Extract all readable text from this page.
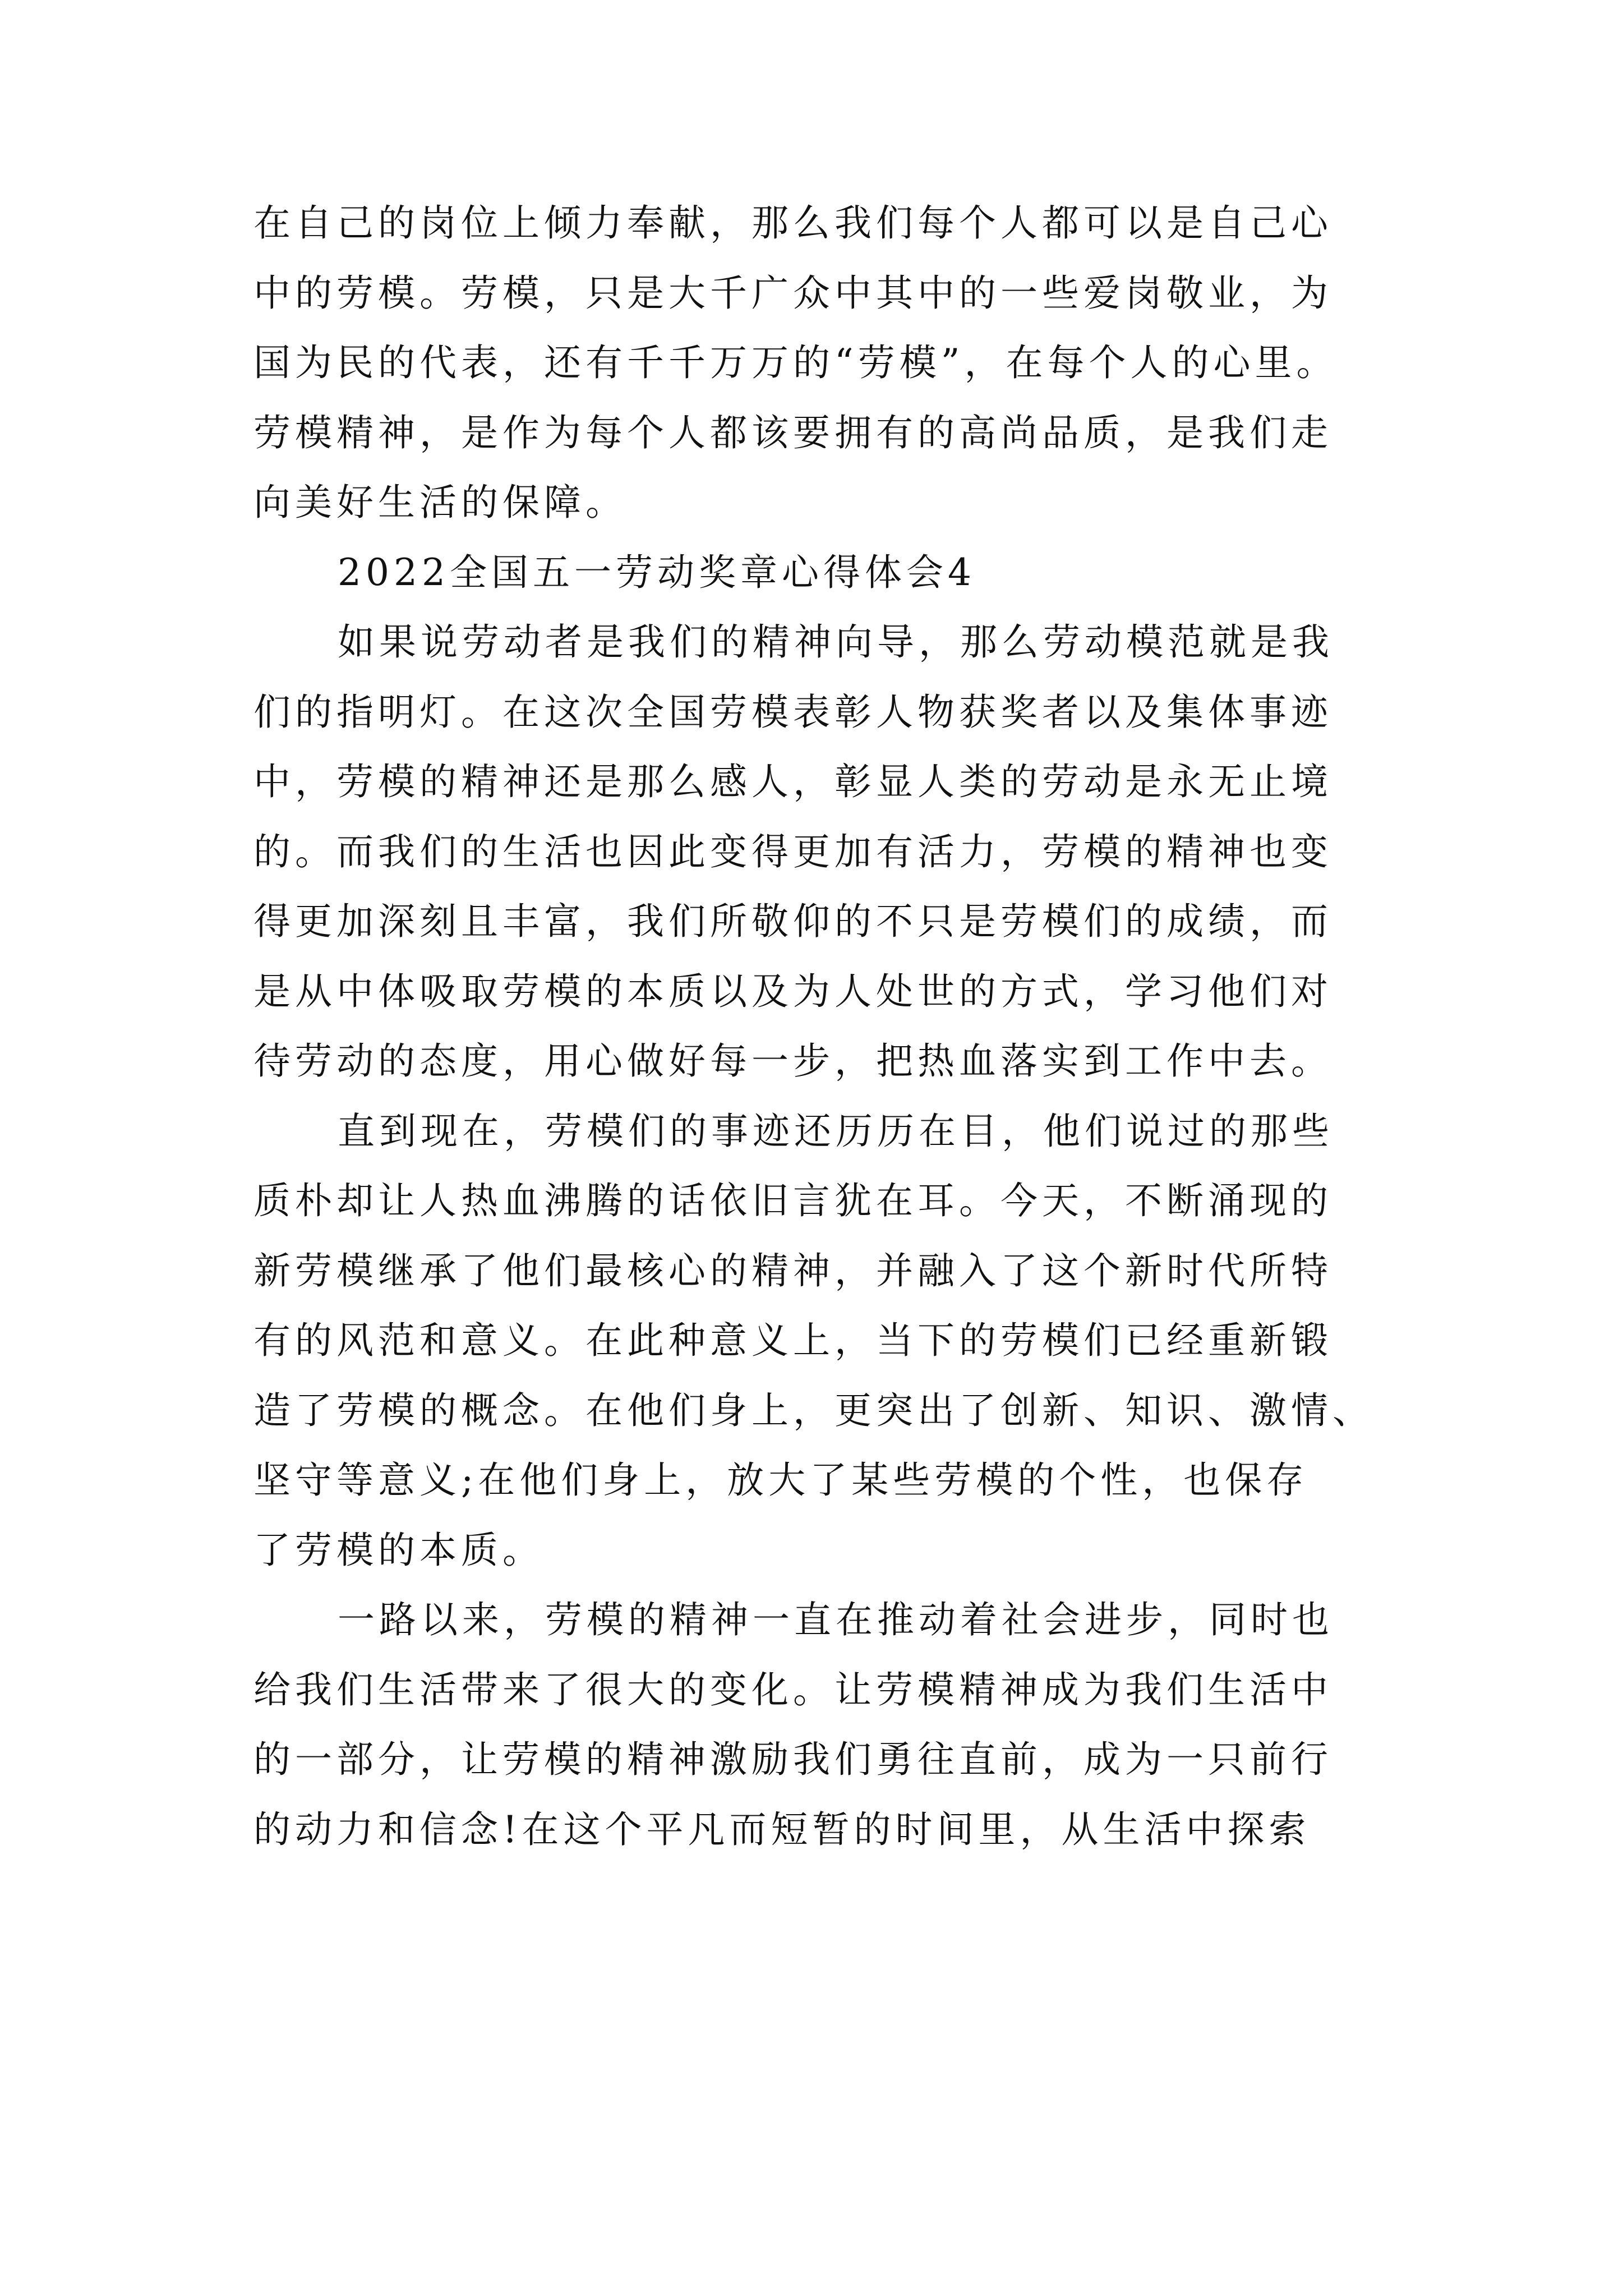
在自己的岗位上倾力奉献，那么我们每个人都可以是自己心
中的劳模。劳模，只是大千广众中其中的一些爱岗敬业，为
国为民的代表，还有千千万万的“劳模”，在每个人的心里。
劳模精神，是作为每个人都该要拥有的高尚品质，是我们走
向美好生活的保障。
2022全国五一劳动奖章心得体会4
如果说劳动者是我们的精神向导，那么劳动模范就是我
们的指明灯。在这次全国劳模表彰人物获奖者以及集体事迹
中，劳模的精神还是那么感人，彰显人类的劳动是永无止境
的。而我们的生活也因此变得更加有活力，劳模的精神也变
得更加深刻且丰富，我们所敬仰的不只是劳模们的成绩，而
是从中体吸取劳模的本质以及为人处世的方式，学习他们对
待劳动的态度，用心做好每一步，把热血落实到工作中去。
直到现在，劳模们的事迹还历历在目，他们说过的那些
质朴却让人热血沸腾的话依旧言犹在耳。今天，不断涌现的
新劳模继承了他们最核心的精神，并融入了这个新时代所特
有的风范和意义。在此种意义上，当下的劳模们已经重新锻
造了劳模的概念。在他们身上，更突出了创新、知识、激情、
坚守等意义;在他们身上，放大了某些劳模的个性，也保存
了劳模的本质。
一路以来，劳模的精神一直在推动着社会进步，同时也
给我们生活带来了很大的变化。让劳模精神成为我们生活中
的一部分，让劳模的精神激励我们勇往直前，成为一只前行
的动力和信念!在这个平凡而短暂的时间里，从生活中探索
